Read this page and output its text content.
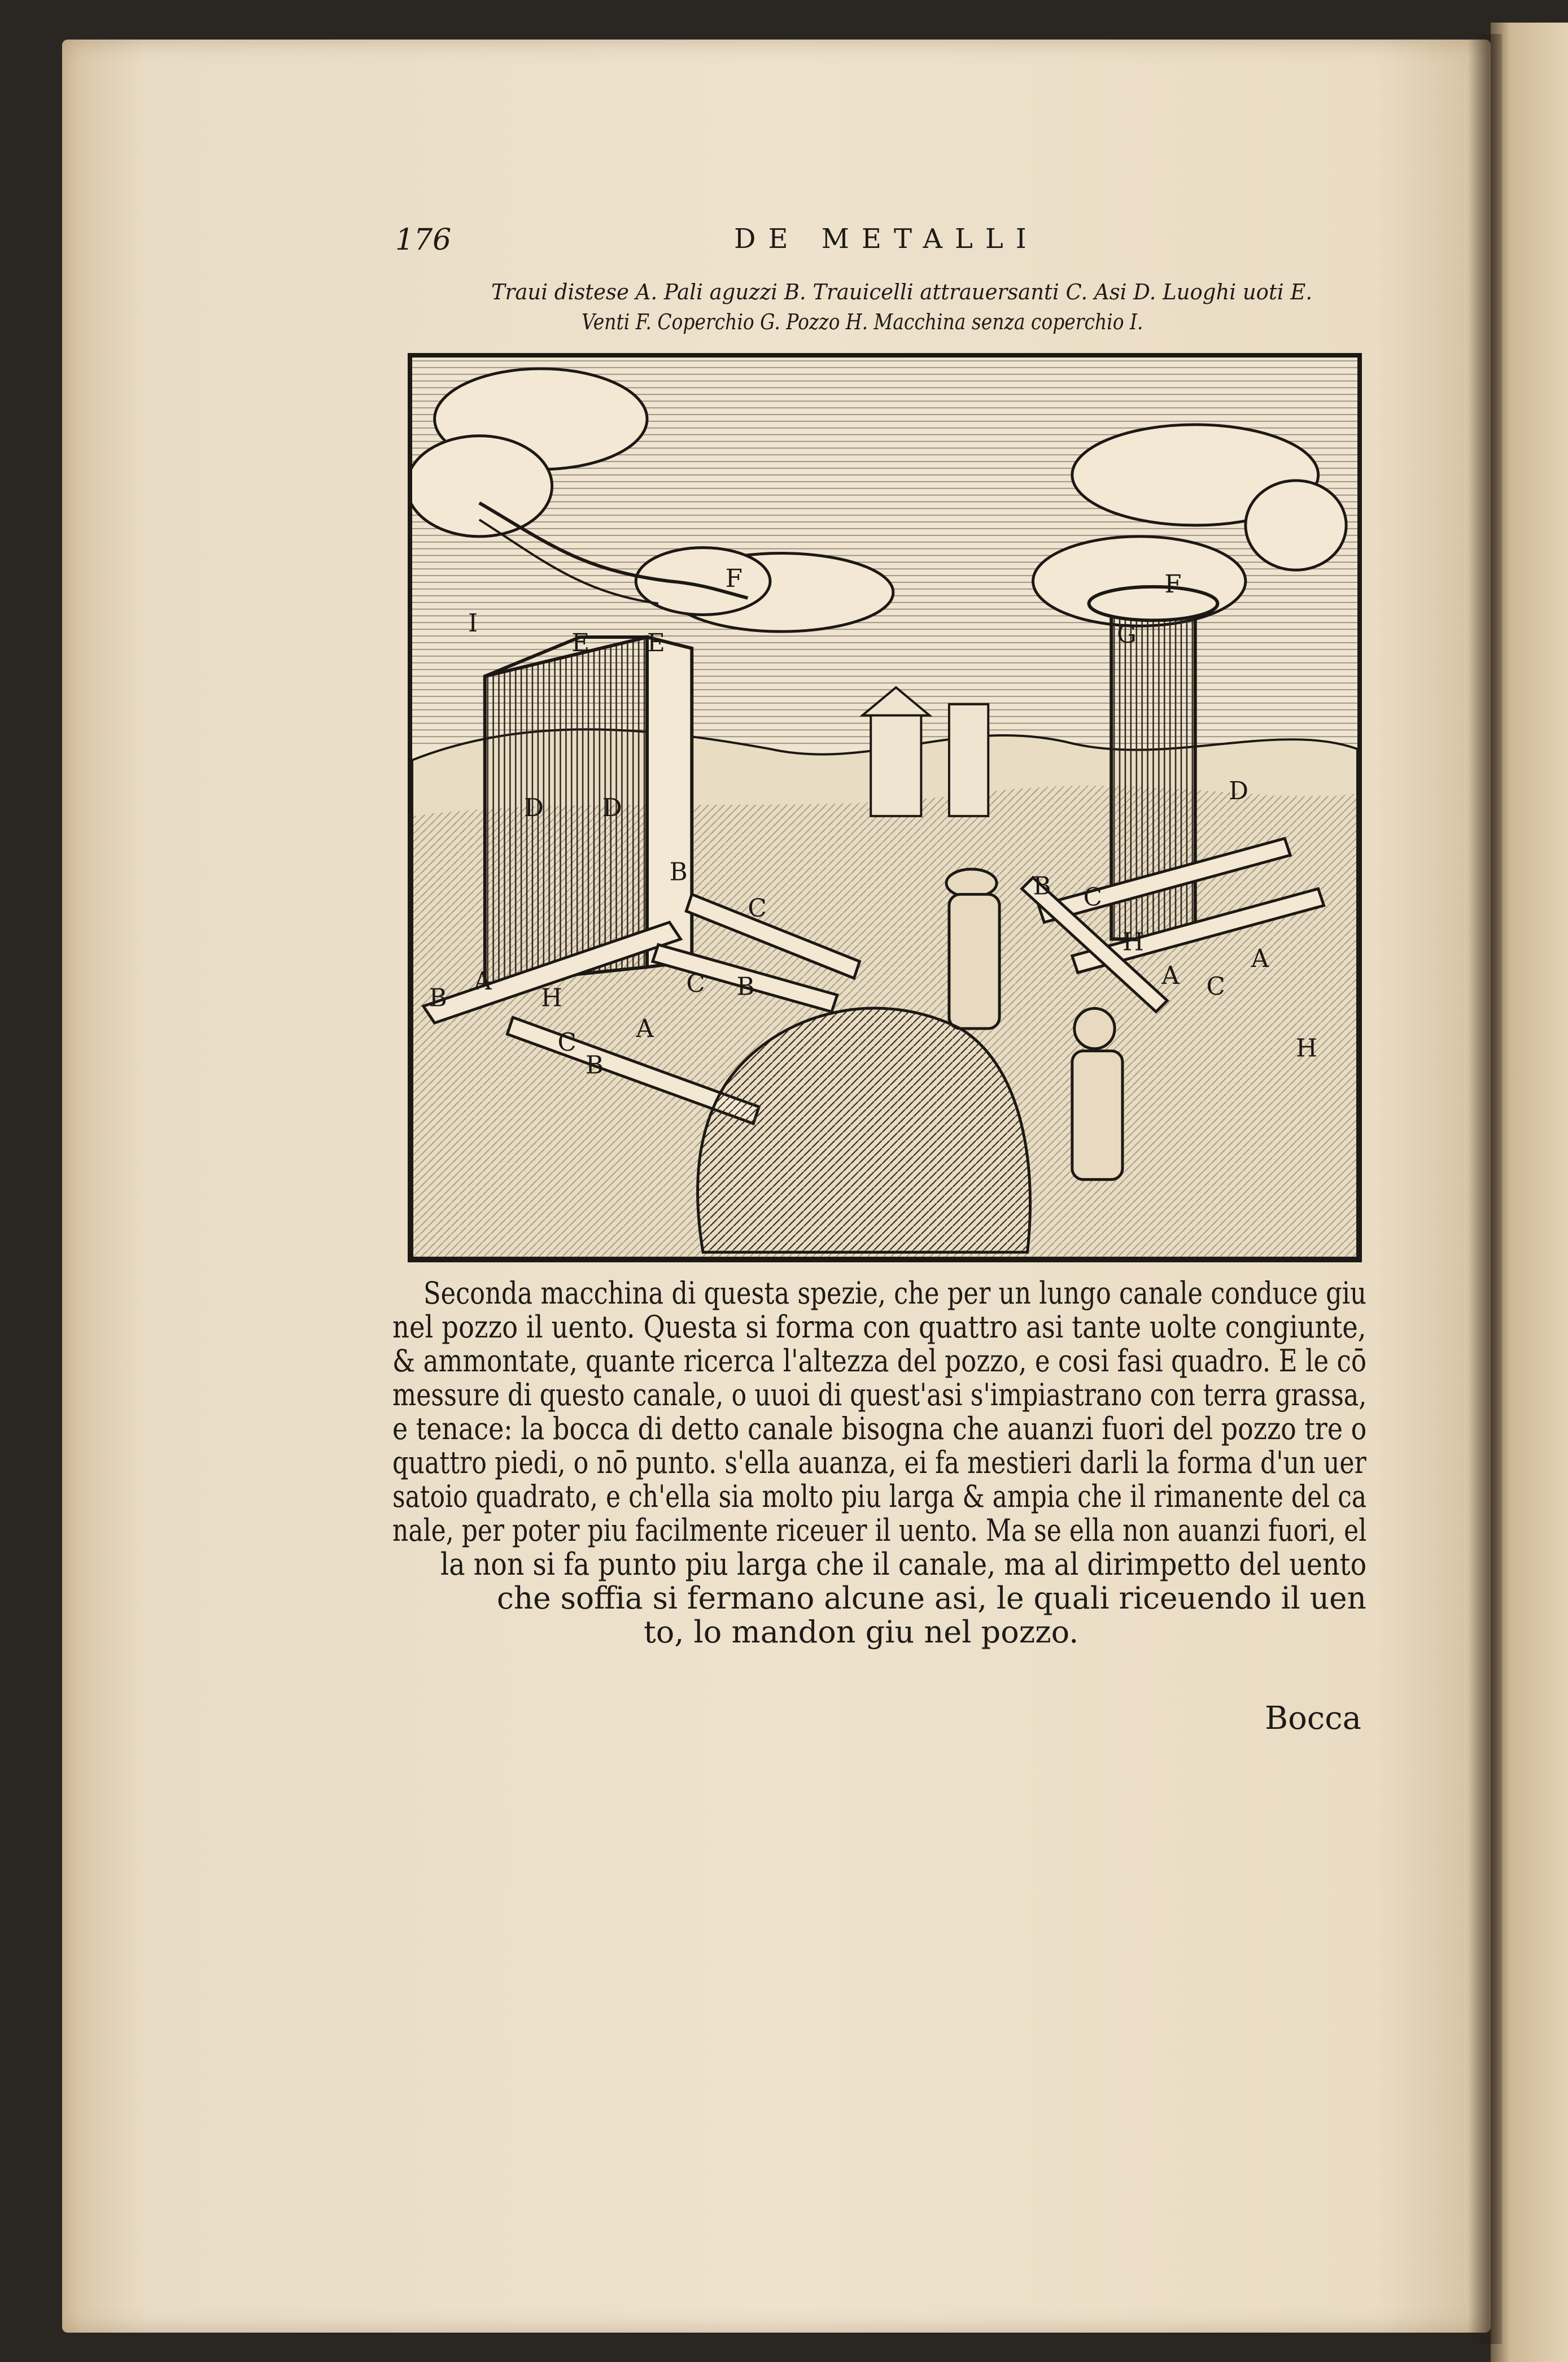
176	DE METALLI
Traui distese A. Pali aguzzi B. Trauicelli attrauersanti C. Asi D. Luoghi uoti E.
Venti F. Coperchio G. Pozzo H. Macchina senza coperchio I.
I
E E
F	F
G
D D
D
B
C
B
A
H	C B
A
C
B
B C
A
H
C
A
H
Seconda macchina di questa spezie, che per un lungo canale conduce giu
nel pozzo il uento. Questa si forma con quattro asi tante uolte congiunte,
& ammontate, quante ricerca l'altezza del pozzo, e cosi fasi quadro. E le cō
messure di questo canale, o uuoi di quest'asi s'impiastrano con terra grassa,
e tenace: la bocca di detto canale bisogna che auanzi fuori del pozzo tre o
quattro piedi, o nō punto. s'ella auanza, ei fa mestieri darli la forma d'un uer
satoio quadrato, e ch'ella sia molto piu larga & ampia che il rimanente del ca
nale, per poter piu facilmente riceuer il uento. Ma se ella non auanzi fuori, el
la non si fa punto piu larga che il canale, ma al dirimpetto del uento
che soffia si fermano alcune asi, le quali riceuendo il uen
to, lo mandon giu nel pozzo.
Bocca
